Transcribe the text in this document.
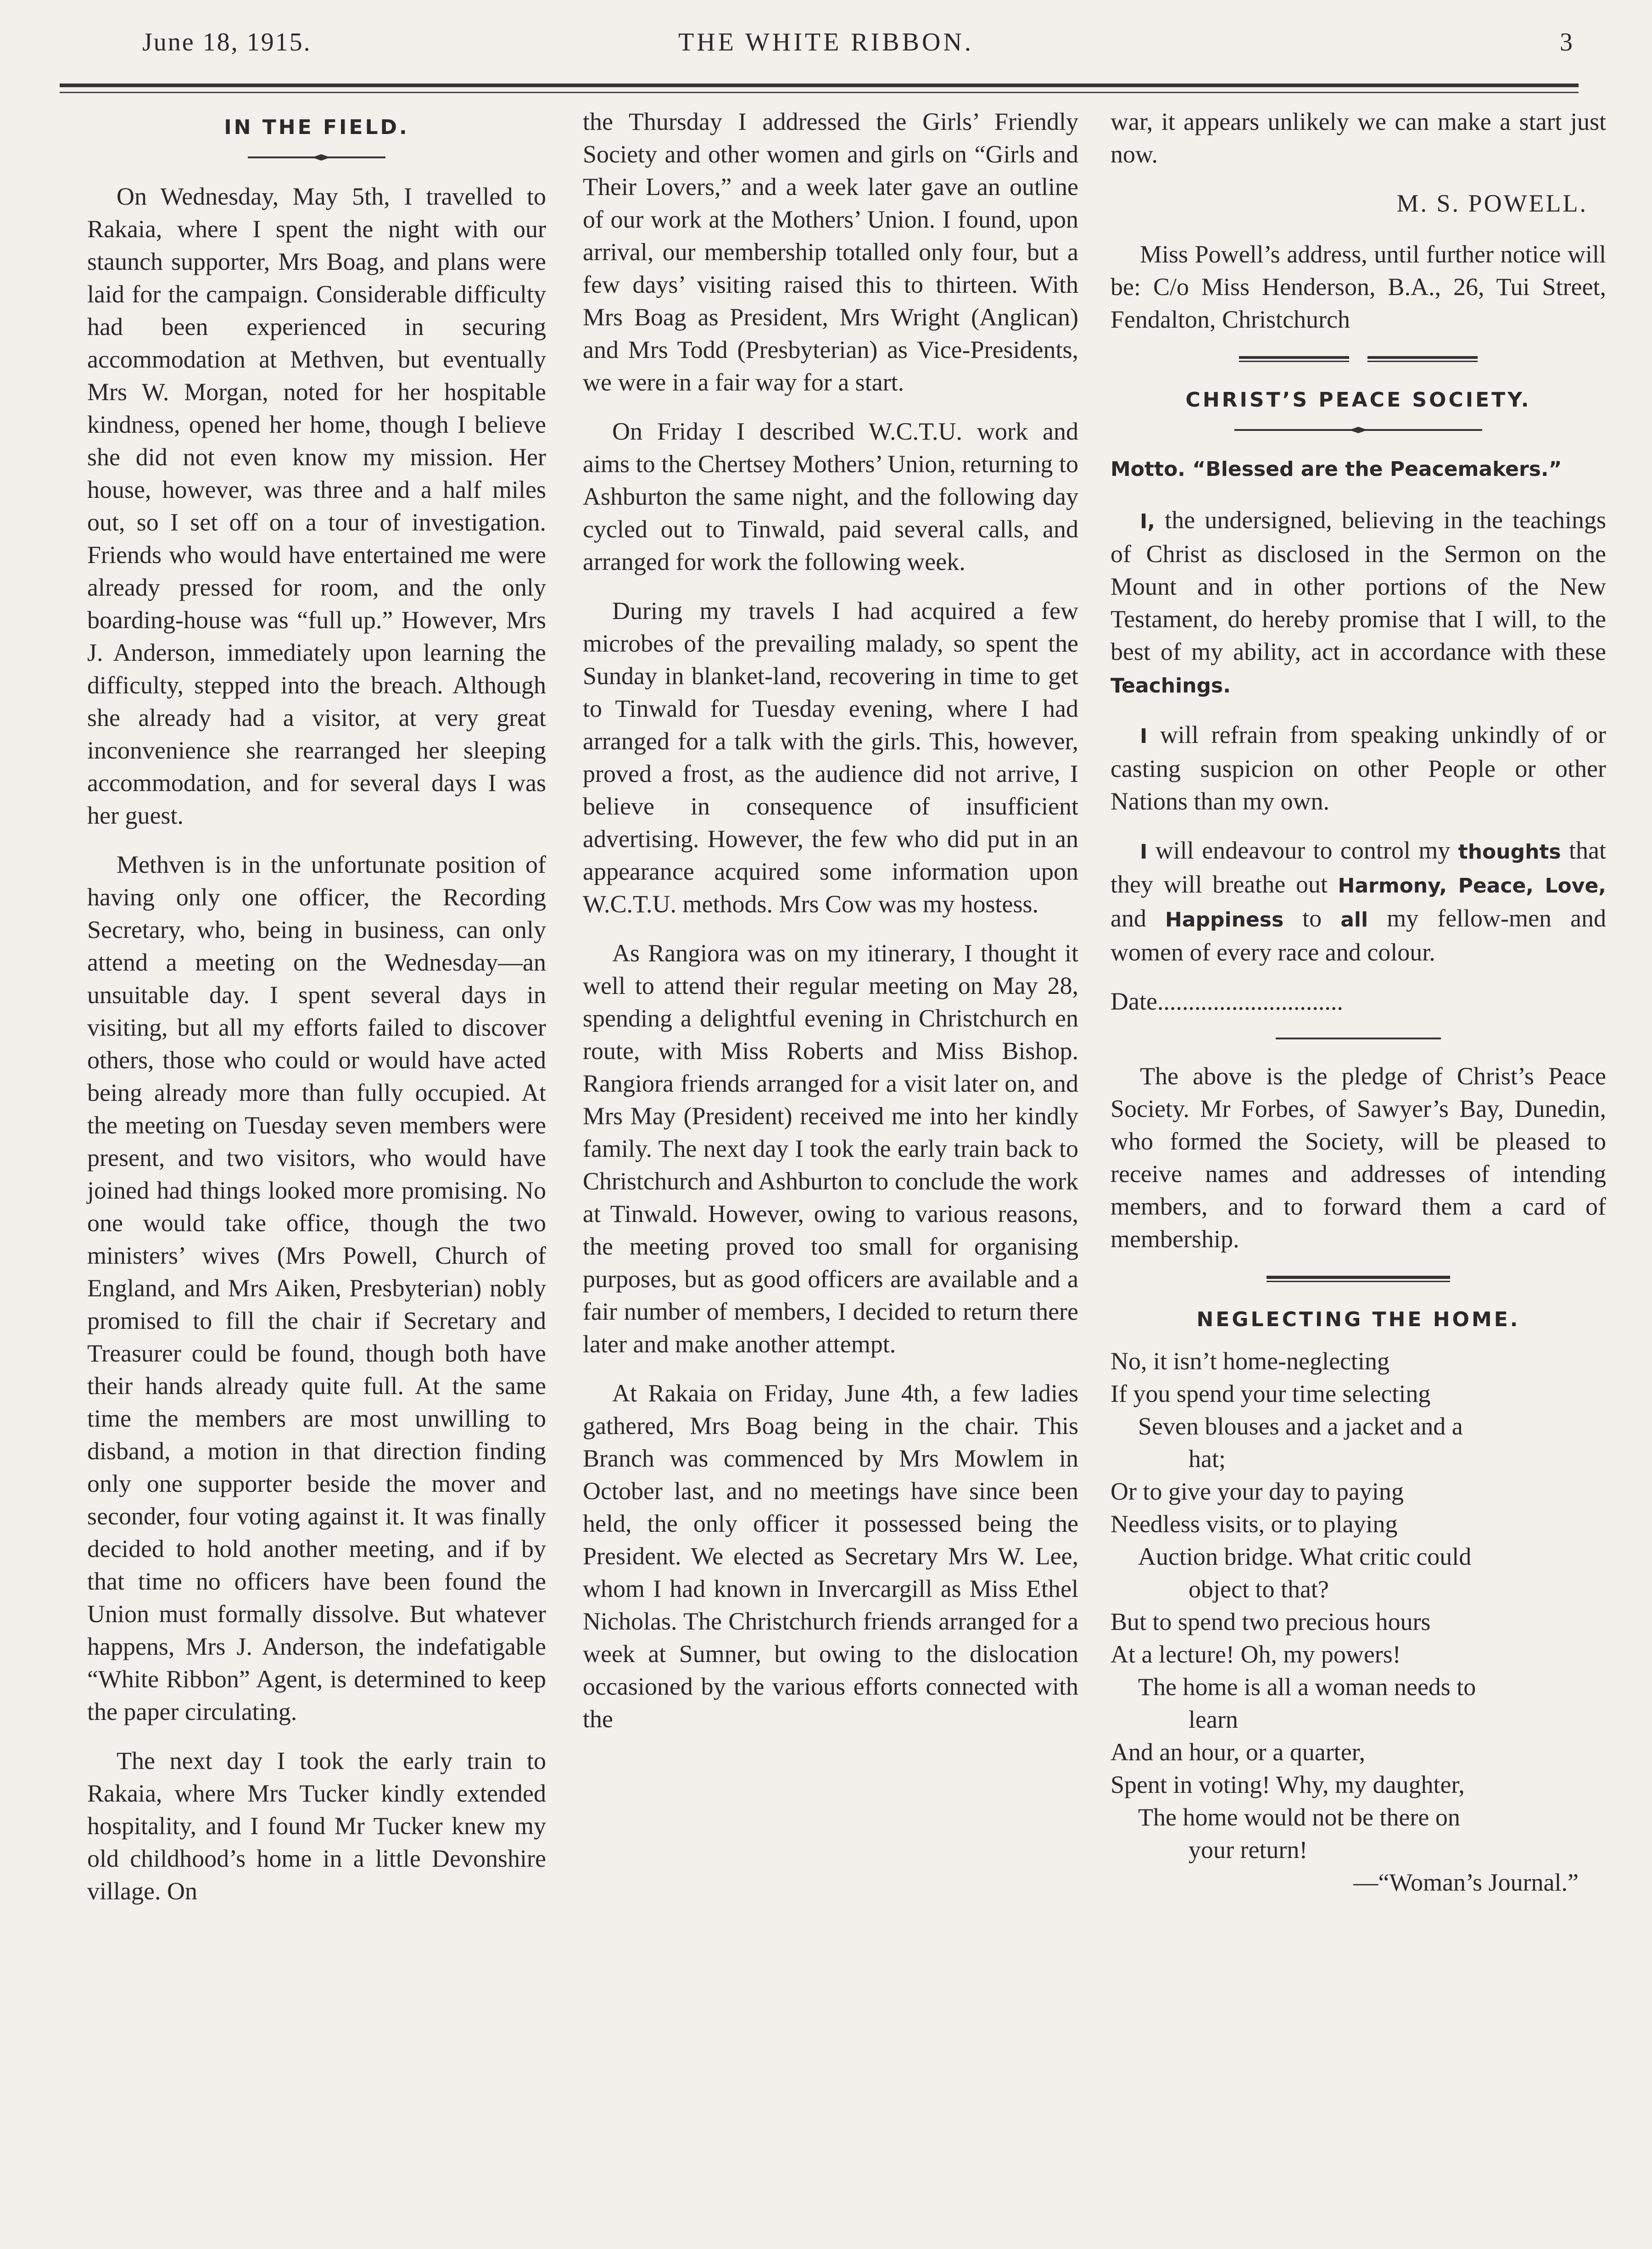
June 18, 1915.	THE WHITE RIBBON.	3
IN THE FIELD.

On Wednesday, May 5th, I travelled to Rakaia, where I spent the night with our staunch supporter, Mrs Boag, and plans were laid for the campaign. Considerable difficulty had been experienced in securing accommodation at Methven, but eventually Mrs W. Morgan, noted for her hospitable kindness, opened her home, though I believe she did not even know my mission. Her house, however, was three and a half miles out, so I set off on a tour of investigation. Friends who would have entertained me were already pressed for room, and the only boarding-house was “full up.” However, Mrs J. Anderson, immediately upon learning the difficulty, stepped into the breach. Although she already had a visitor, at very great inconvenience she rearranged her sleeping accommodation, and for several days I was her guest.

Methven is in the unfortunate position of having only one officer, the Recording Secretary, who, being in business, can only attend a meeting on the Wednesday—an unsuitable day. I spent several days in visiting, but all my efforts failed to discover others, those who could or would have acted being already more than fully occupied. At the meeting on Tuesday seven members were present, and two visitors, who would have joined had things looked more promising. No one would take office, though the two ministers’ wives (Mrs Powell, Church of England, and Mrs Aiken, Presbyterian) nobly promised to fill the chair if Secretary and Treasurer could be found, though both have their hands already quite full. At the same time the members are most unwilling to disband, a motion in that direction finding only one supporter beside the mover and seconder, four voting against it. It was finally decided to hold another meeting, and if by that time no officers have been found the Union must formally dissolve. But whatever happens, Mrs J. Anderson, the indefatigable “White Ribbon” Agent, is determined to keep the paper circulating.

The next day I took the early train to Rakaia, where Mrs Tucker kindly extended hospitality, and I found Mr Tucker knew my old childhood’s home in a little Devonshire village. On

the Thursday I addressed the Girls’ Friendly Society and other women and girls on “Girls and Their Lovers,” and a week later gave an outline of our work at the Mothers’ Union. I found, upon arrival, our membership totalled only four, but a few days’ visiting raised this to thirteen. With Mrs Boag as President, Mrs Wright (Anglican) and Mrs Todd (Presbyterian) as Vice-Presidents, we were in a fair way for a start.

On Friday I described W.C.T.U. work and aims to the Chertsey Mothers’ Union, returning to Ashburton the same night, and the following day cycled out to Tinwald, paid several calls, and arranged for work the following week.

During my travels I had acquired a few microbes of the prevailing malady, so spent the Sunday in blanket-land, recovering in time to get to Tinwald for Tuesday evening, where I had arranged for a talk with the girls. This, however, proved a frost, as the audience did not arrive, I believe in consequence of insufficient advertising. However, the few who did put in an appearance acquired some information upon W.C.T.U. methods. Mrs Cow was my hostess.

As Rangiora was on my itinerary, I thought it well to attend their regular meeting on May 28, spending a delightful evening in Christchurch en route, with Miss Roberts and Miss Bishop. Rangiora friends arranged for a visit later on, and Mrs May (President) received me into her kindly family. The next day I took the early train back to Christchurch and Ashburton to conclude the work at Tinwald. However, owing to various reasons, the meeting proved too small for organising purposes, but as good officers are available and a fair number of members, I decided to return there later and make another attempt.

At Rakaia on Friday, June 4th, a few ladies gathered, Mrs Boag being in the chair. This Branch was commenced by Mrs Mowlem in October last, and no meetings have since been held, the only officer it possessed being the President. We elected as Secretary Mrs W. Lee, whom I had known in Invercargill as Miss Ethel Nicholas. The Christchurch friends arranged for a week at Sumner, but owing to the dislocation occasioned by the various efforts connected with the

war, it appears unlikely we can make a start just now.

M. S. POWELL.

Miss Powell’s address, until further notice will be: C/o Miss Henderson, B.A., 26, Tui Street, Fendalton, Christchurch

CHRIST’S PEACE SOCIETY.
Motto. “Blessed are the Peacemakers.”

I, the undersigned, believing in the teachings of Christ as disclosed in the Sermon on the Mount and in other portions of the New Testament, do hereby promise that I will, to the best of my ability, act in accordance with these Teachings.

I will refrain from speaking unkindly of or casting suspicion on other People or other Nations than my own.

I will endeavour to control my thoughts that they will breathe out Harmony, Peace, Love, and Happiness to all my fellow-men and women of every race and colour.

Date..............................

The above is the pledge of Christ’s Peace Society. Mr Forbes, of Sawyer’s Bay, Dunedin, who formed the Society, will be pleased to receive names and addresses of intending members, and to forward them a card of membership.

NEGLECTING THE HOME.
No, it isn’t home-neglecting
If you spend your time selecting
Seven blouses and a jacket and a
hat;
Or to give your day to paying
Needless visits, or to playing
Auction bridge. What critic could
object to that?
But to spend two precious hours
At a lecture! Oh, my powers!
The home is all a woman needs to
learn
And an hour, or a quarter,
Spent in voting! Why, my daughter,
The home would not be there on
your return!
—“Woman’s Journal.”
